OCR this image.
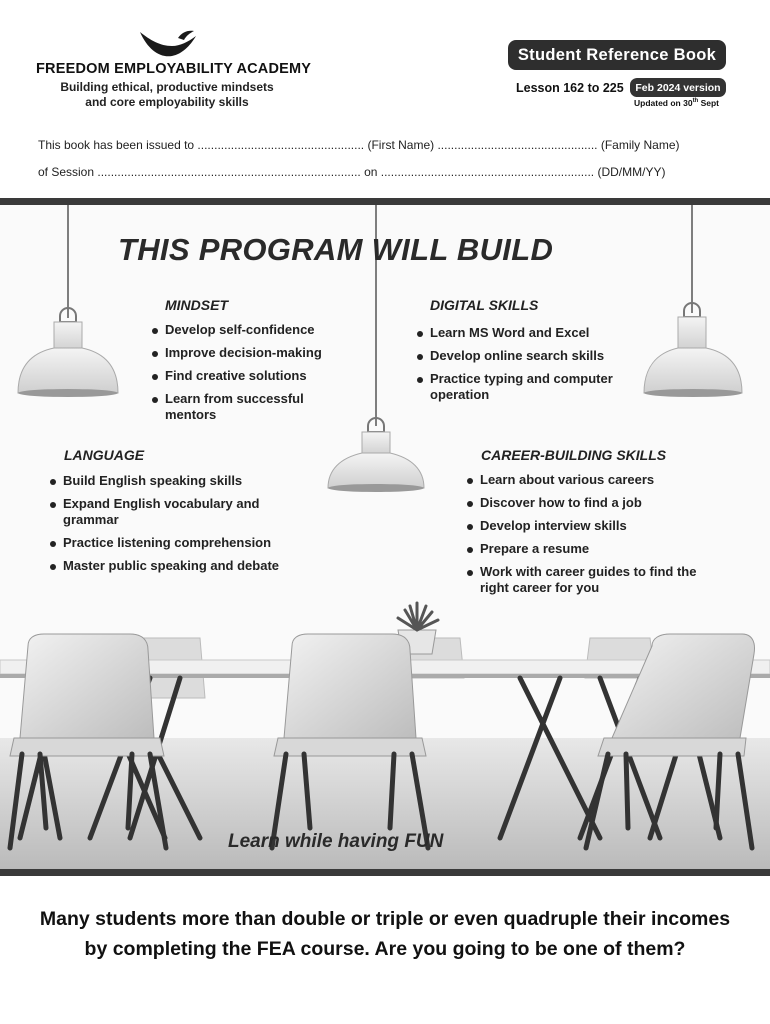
FREEDOM EMPLOYABILITY ACADEMY
Building ethical, productive mindsets
and core employability skills
Student Reference Book
Lesson 162 to 225	Feb 2024 version
Updated on 30th Sept
This book has been issued to .................................................. (First Name) ................................................ (Family Name)
of Session ............................................................................... on ................................................................ (DD/MM/YY)
THIS PROGRAM WILL BUILD
MINDSET
Develop self-confidence
Improve decision-making
Find creative solutions
Learn from successful mentors
DIGITAL SKILLS
Learn MS Word and Excel
Develop online search skills
Practice typing and computer operation
LANGUAGE
Build English speaking skills
Expand English vocabulary and grammar
Practice listening comprehension
Master public speaking and debate
CAREER-BUILDING SKILLS
Learn about various careers
Discover how to find a job
Develop interview skills
Prepare a resume
Work with career guides to find the right career for you
Learn while having FUN
Many students more than double or triple or even quadruple their incomes
by completing the FEA course. Are you going to be one of them?
